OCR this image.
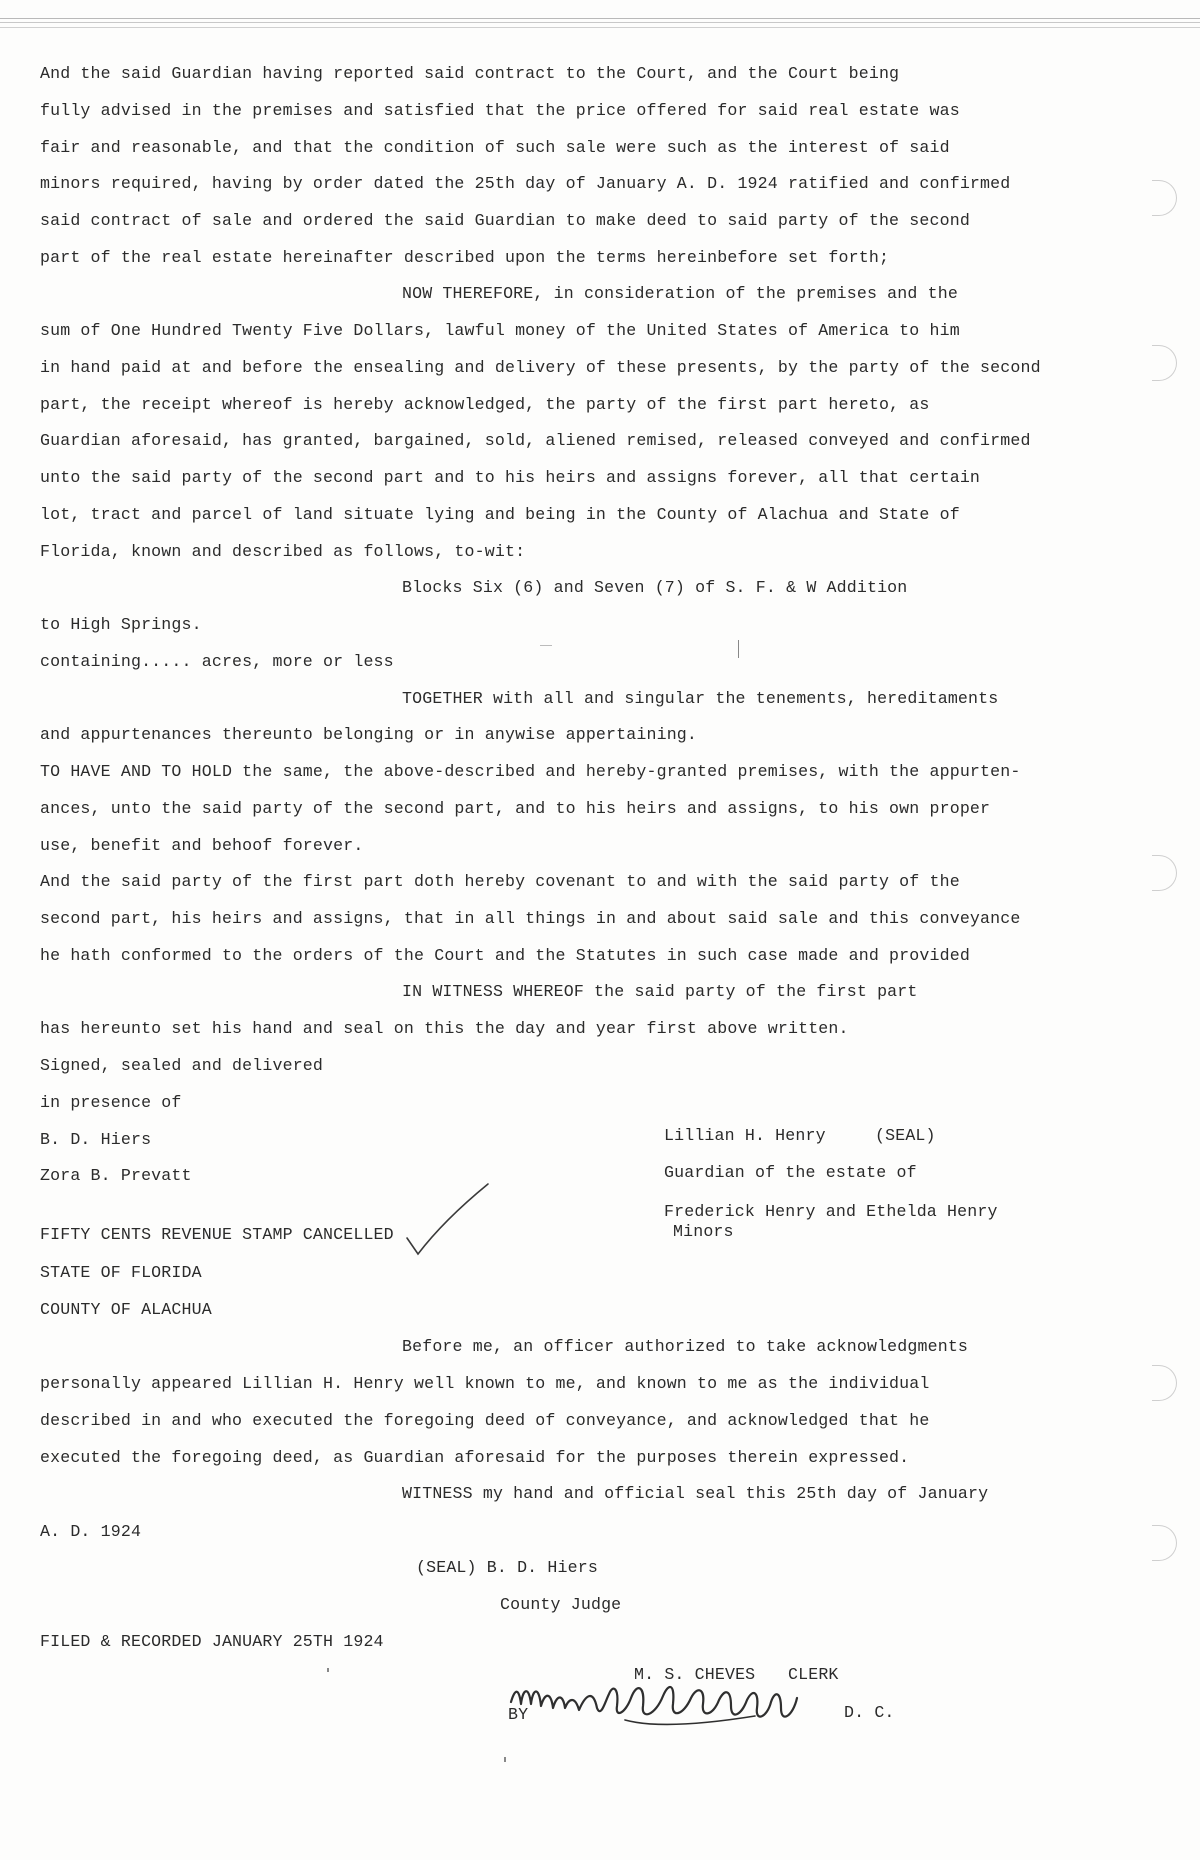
And the said Guardian having reported said contract to the Court, and the Court being
fully advised in the premises and satisfied that the price offered for said real estate was
fair and reasonable, and that the condition of such sale were such as the interest of said
minors required, having by order dated the 25th day of January A. D. 1924 ratified and confirmed
said contract of sale and ordered the said Guardian to make deed to said party of the second
part of the real estate hereinafter described upon the terms hereinbefore set forth;
NOW THEREFORE, in consideration of the premises and the
sum of One Hundred Twenty Five Dollars, lawful money of the United States of America to him
in hand paid at and before the ensealing and delivery of these presents, by the party of the second
part, the receipt whereof is hereby acknowledged, the party of the first part hereto, as
Guardian aforesaid, has granted, bargained, sold, aliened remised, released conveyed and confirmed
unto the said party of the second part and to his heirs and assigns forever, all that certain
lot, tract and parcel of land situate lying and being in the County of Alachua and State of
Florida, known and described as follows, to-wit:
Blocks Six (6) and Seven (7) of S. F. & W Addition
to High Springs.
containing..... acres, more or less
TOGETHER with all and singular the tenements, hereditaments
and appurtenances thereunto belonging or in anywise appertaining.
TO HAVE AND TO HOLD the same, the above-described and hereby-granted premises, with the appurten-
ances, unto the said party of the second part, and to his heirs and assigns, to his own proper
use, benefit and behoof forever.
And the said party of the first part doth hereby covenant to and with the said party of the
second part, his heirs and assigns, that in all things in and about said sale and this conveyance
he hath conformed to the orders of the Court and the Statutes in such case made and provided
IN WITNESS WHEREOF the said party of the first part
has hereunto set his hand and seal on this the day and year first above written.
Signed, sealed and delivered
in presence of
B. D. Hiers
Zora B. Prevatt
Lillian H. Henry	(SEAL)
Guardian of the estate of
Frederick Henry and Ethelda Henry
Minors
FIFTY CENTS REVENUE STAMP CANCELLED
STATE OF FLORIDA
COUNTY OF ALACHUA
Before me, an officer authorized to take acknowledgments
personally appeared Lillian H. Henry well known to me, and known to me as the individual
described in and who executed the foregoing deed of conveyance, and acknowledged that he
executed the foregoing deed, as Guardian aforesaid for the purposes therein expressed.
WITNESS my hand and official seal this 25th day of January
A. D. 1924
(SEAL) B. D. Hiers
County Judge
FILED & RECORDED JANUARY 25TH 1924
M. S. CHEVES CLERK
BY	D. C.
